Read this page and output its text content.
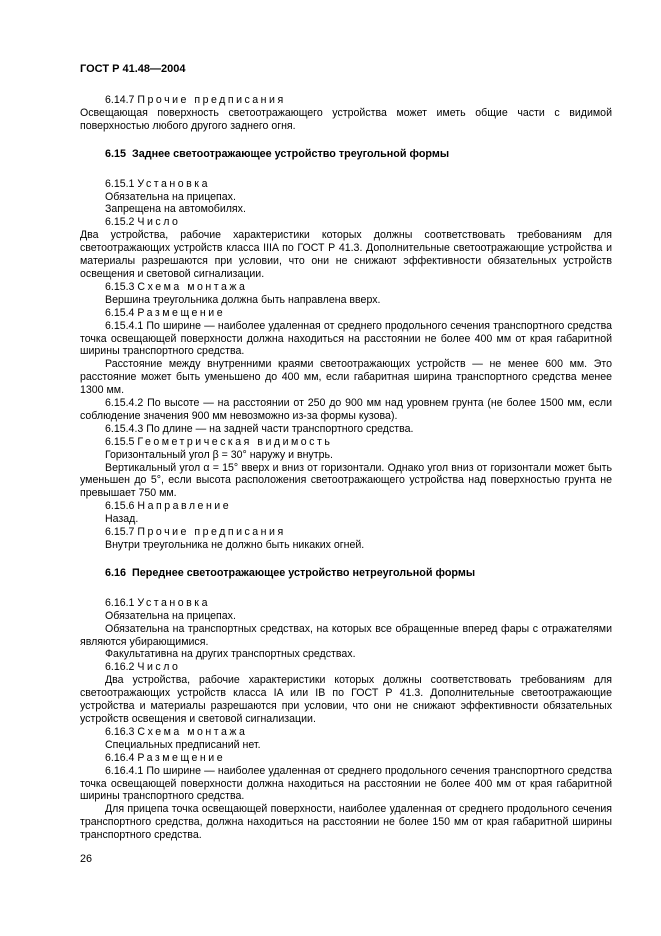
ГОСТ Р 41.48—2004

6.14.7 Прочие предписания

Освещающая поверхность светоотражающего устройства может иметь общие части с видимой поверхностью любого другого заднего огня.

6.15 Заднее светоотражающее устройство треугольной формы

6.15.1 Установка

Обязательна на прицепах.

Запрещена на автомобилях.

6.15.2 Число

Два устройства, рабочие характеристики которых должны соответствовать требованиям для светоотражающих устройств класса IIIA по ГОСТ Р 41.3. Дополнительные светоотражающие устройства и материалы разрешаются при условии, что они не снижают эффективности обязательных устройств освещения и световой сигнализации.

6.15.3 Схема монтажа

Вершина треугольника должна быть направлена вверх.

6.15.4 Размещение

6.15.4.1 По ширине — наиболее удаленная от среднего продольного сечения транспортного средства точка освещающей поверхности должна находиться на расстоянии не более 400 мм от края габаритной ширины транспортного средства.

Расстояние между внутренними краями светоотражающих устройств — не менее 600 мм. Это расстояние может быть уменьшено до 400 мм, если габаритная ширина транспортного средства менее 1300 мм.

6.15.4.2 По высоте — на расстоянии от 250 до 900 мм над уровнем грунта (не более 1500 мм, если соблюдение значения 900 мм невозможно из-за формы кузова).

6.15.4.3 По длине — на задней части транспортного средства.

6.15.5 Геометрическая видимость

Горизонтальный угол β = 30° наружу и внутрь.

Вертикальный угол α = 15° вверх и вниз от горизонтали. Однако угол вниз от горизонтали может быть уменьшен до 5°, если высота расположения светоотражающего устройства над поверхностью грунта не превышает 750 мм.

6.15.6 Направление

Назад.

6.15.7 Прочие предписания

Внутри треугольника не должно быть никаких огней.

6.16 Переднее светоотражающее устройство нетреугольной формы

6.16.1 Установка

Обязательна на прицепах.

Обязательна на транспортных средствах, на которых все обращенные вперед фары с отражателями являются убирающимися.

Факультативна на других транспортных средствах.

6.16.2 Число

Два устройства, рабочие характеристики которых должны соответствовать требованиям для светоотражающих устройств класса IA или IB по ГОСТ Р 41.3. Дополнительные светоотражающие устройства и материалы разрешаются при условии, что они не снижают эффективности обязательных устройств освещения и световой сигнализации.

6.16.3 Схема монтажа

Специальных предписаний нет.

6.16.4 Размещение

6.16.4.1 По ширине — наиболее удаленная от среднего продольного сечения транспортного средства точка освещающей поверхности должна находиться на расстоянии не более 400 мм от края габаритной ширины транспортного средства.

Для прицепа точка освещающей поверхности, наиболее удаленная от среднего продольного сечения транспортного средства, должна находиться на расстоянии не более 150 мм от края габаритной ширины транспортного средства.

26
